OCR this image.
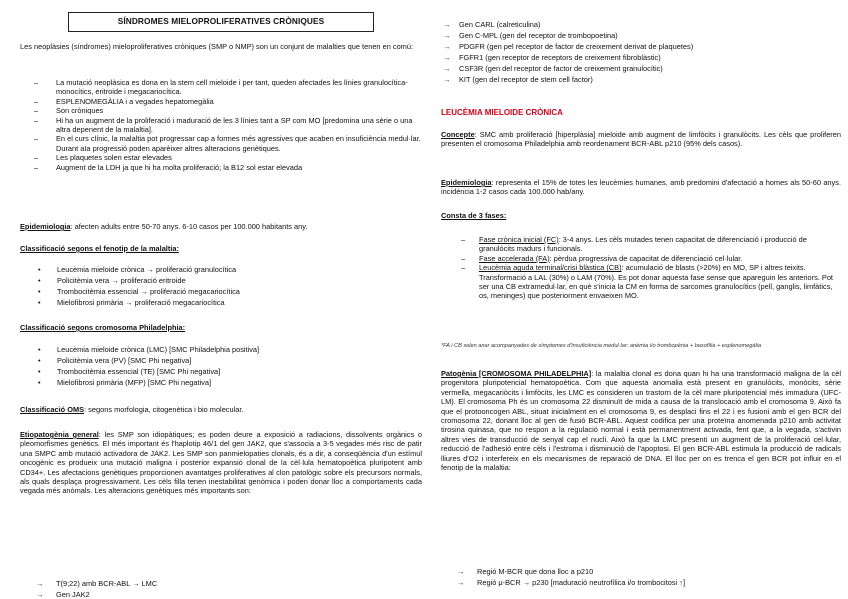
SÍNDROMES MIELOPROLIFERATIVES CRÒNIQUES

Les neoplàsies (síndromes) mieloproliferatives cròniques (SMP o NMP) son un conjunt de malalties que tenen en comú:

– La mutació neoplàsica es dona en la stem cell mieloide i per tant, queden afectades les línies granulocítica-monocítics, eritroide i megacariocítica.
– ESPLENOMEGÀLIA i a vegades hepatomegàlia
– Son cròniques
– Hi ha un augment de la proliferació i maduració de les 3 línies tant a SP com MO [predomina una sèrie o una altra depenent de la malaltia].
– En el curs clínic, la malaltia pot progressar cap a formes més agressives que acaben en insuficiència medul·lar. Durant aIa progressió poden aparèixer altres alteracions genètiques.
– Les plaquetes solen estar elevades
– Augment de la LDH ja que hi ha molta proliferació; la B12 sol estar elevada

Epidemiologia: afecten adults entre 50-70 anys. 6-10 casos per 100.000 habitants any.

Classificació segons el fenotip de la malaltia:

• Leucèmia mieloide crònica → proliferació granulocítica
• Policitèmia vera → proliferació eritroide
• Trombocitèmia essencial → proliferació megacariocítica
• Mielofibrosi primària → proliferació megacariocítica

Classificació segons cromosoma Philadelphia:

• Leucèmia mieloide crònica (LMC) [SMC Philadelphia positiva]
• Policitèmia vera (PV) [SMC Phi negativa]
• Trombocitèmia essencial (TE) [SMC Phi negativa]
• Mielofibrosi primària (MFP) [SMC Phi negativa]

Classificació OMS: segons morfologia, citogenètica i bio molecular.

Etiopatogènia general: les SMP son idiopàtiques; es poden deure a exposició a radiacions, dissolvents orgànics o pleomorfismes genètics. El més important és l'haplotip 46/1 del gen JAK2, que s'associa a 3-5 vegades més risc de patir una SMPC amb mutació activadora de JAK2. Les SMP son panmielopaties clonals, és a dir, a conseqüència d'un estímul oncogènic es produeix una mutació maligna i posterior expansió clonal de la cèl·lula hematopoètica pluripotent amb CD34+. Les afectacions genètiques proporcionen avantatges proliferatives al clon patològic sobre els precursors normals, als quals desplaça progressivament. Les cèls filla tenen inestabilitat genòmica i poden donar lloc a comportaments cada vegada més anòmals. Les alteracions genètiques més importants son:

→ T(9;22) amb BCR-ABL → LMC
→ Gen JAK2
→ Gen CARL (calreticulina)
→ Gen C-MPL (gen del receptor de trombopoetina)
→ PDGFR (gen pel receptor de factor de creixement derivat de plaquetes)
→ FGFR1 (gen receptor de receptors de creixement fibroblàstic)
→ CSF3R (gen del receptor de factor de creixement granulocític)
→ KIT (gen del receptor de stem cell factor)

LEUCÈMIA MIELOIDE CRÒNICA

Concepte: SMC amb proliferació [hiperplàsia] mieloide amb augment de limfòcits i granulòcits. Les cèls que proliferen presenten el cromosoma Philadelphia amb reordenament BCR-ABL p210 (95% dels casos).

Epidemiologia: representa el 15% de totes les leucèmies humanes, amb predomini d'afectació a homes als 50-60 anys. incidència 1-2 casos cada 100.000 hab/any.

Consta de 3 fases:

– Fase crònica inicial (FC): 3-4 anys. Les cèls mutades tenen capacitat de diferenciació i producció de granulòcits madurs i funcionals.
– Fase accelerada (FA): pèrdua progressiva de capacitat de diferenciació cel·lular.
– Leucèmia aguda terminal/crisi blàstica (CB): acumulació de blasts (>20%) en MO, SP i altres teixits. Transformació a LAL (30%) o LAM (70%). Es pot donar aquesta fase sense que apareguin les anteriors. Pot ser una CB extramedul·lar, en què s'inicia la CM en forma de sarcomes granulocítics (pell, ganglis, limfàtics, os, meninges) que posteriorment envaeixen MO.

*FA i CB solen anar acompanyades de símptomes d'insuficiència medul·lar: anèmia i/o trombopènia + basofília + esplenomegàlia

Patogènia [CROMOSOMA PHILADELPHIA]: la malaltia clonal es dona quan hi ha una transformació maligna de la cèl progenitora pluripotencial hematopoètica. Com que aquesta anomalia està present en granulòcits, monòcits, sèrie vermella, megacariòcits i limfòcits, les LMC es consideren un trastorn de la cèl mare pluripotencial més immadura (UFC-LM). El cromosoma Ph és un cromosoma 22 disminuït de mida a causa de la translocació amb el cromosoma 9. Això fa que el protooncogen ABL, situat inicialment en el cromosoma 9, es desplaci fins el 22 i es fusioni amb el gen BCR del cromosoma 22, donant lloc al gen de fusió BCR-ABL. Aquest codifica per una proteïna anomenada p210 amb activitat tirosina quinasa, que no respon a la regulació normal i està permanentment activada, fent que, a la vegada, s'activin altres vies de transducció de senyal cap el nucli. Això fa que la LMC presenti un augment de la proliferació cel·lular, reducció de l'adhesió entre cèls i l'estroma i disminució de l'apoptosi. El gen BCR-ABL estimula la producció de radicals lliures d'O2 i interfereix en els mecanismes de reparació de DNA. El lloc per on es trenca el gen BCR pot influir en el fenotip de la malaltia:

→ Regió M-BCR que dona lloc a p210
→ Regió μ-BCR → p230 [maduració neutrofílica i/o trombocitosi ↑]
